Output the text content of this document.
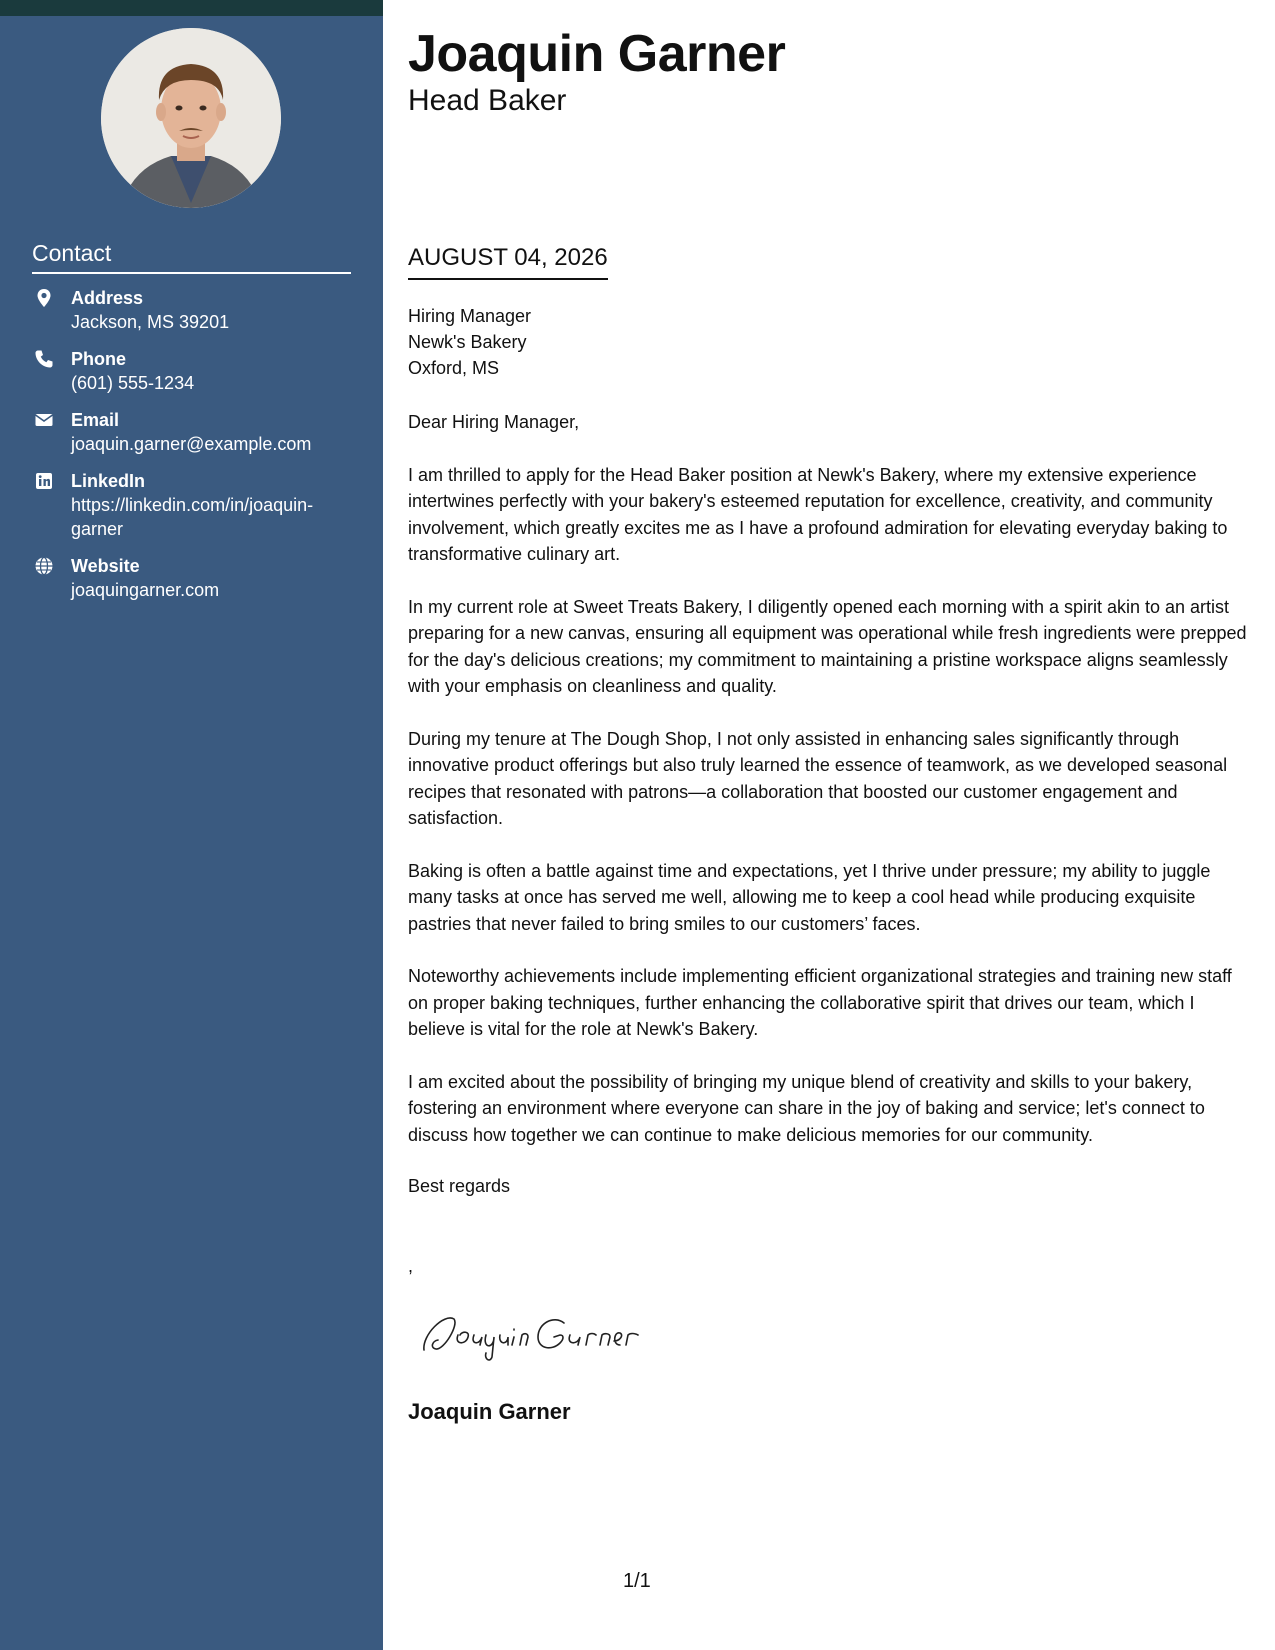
Contact
Address
Jackson, MS 39201
Phone
(601) 555-1234
Email
joaquin.garner@example.com
LinkedIn
https://linkedin.com/in/joaquin-garner
Website
joaquingarner.com
Joaquin Garner
Head Baker
AUGUST 04, 2026
Hiring Manager
Newk's Bakery
Oxford, MS

Dear Hiring Manager,

I am thrilled to apply for the Head Baker position at Newk's Bakery, where my extensive experience intertwines perfectly with your bakery's esteemed reputation for excellence, creativity, and community involvement, which greatly excites me as I have a profound admiration for elevating everyday baking to transformative culinary art.

In my current role at Sweet Treats Bakery, I diligently opened each morning with a spirit akin to an artist preparing for a new canvas, ensuring all equipment was operational while fresh ingredients were prepped for the day's delicious creations; my commitment to maintaining a pristine workspace aligns seamlessly with your emphasis on cleanliness and quality.

During my tenure at The Dough Shop, I not only assisted in enhancing sales significantly through innovative product offerings but also truly learned the essence of teamwork, as we developed seasonal recipes that resonated with patrons—a collaboration that boosted our customer engagement and satisfaction.

Baking is often a battle against time and expectations, yet I thrive under pressure; my ability to juggle many tasks at once has served me well, allowing me to keep a cool head while producing exquisite pastries that never failed to bring smiles to our customers’ faces.

Noteworthy achievements include implementing efficient organizational strategies and training new staff on proper baking techniques, further enhancing the collaborative spirit that drives our team, which I believe is vital for the role at Newk's Bakery.

I am excited about the possibility of bringing my unique blend of creativity and skills to your bakery, fostering an environment where everyone can share in the joy of baking and service; let's connect to discuss how together we can continue to make delicious memories for our community.

Best regards
,
Joaquin Garner
1/1
